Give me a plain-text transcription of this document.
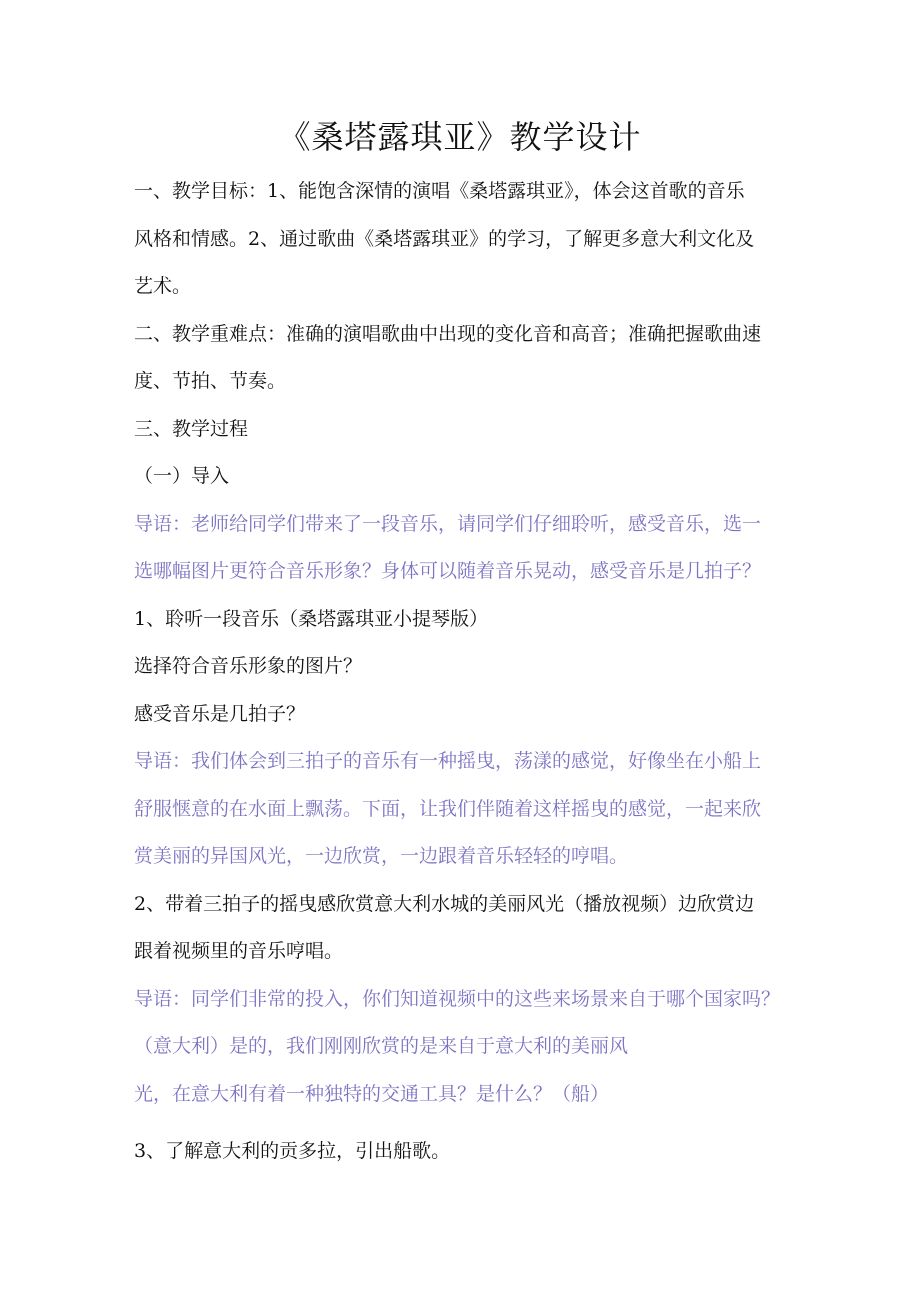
《桑塔露琪亚》教学设计

一、教学目标：1、能饱含深情的演唱《桑塔露琪亚》，体会这首歌的音乐

风格和情感。2、通过歌曲《桑塔露琪亚》的学习，了解更多意大利文化及

艺术。

二、教学重难点：准确的演唱歌曲中出现的变化音和高音；准确把握歌曲速

度、节拍、节奏。

三、教学过程

（一）导入

导语：老师给同学们带来了一段音乐，请同学们仔细聆听，感受音乐，选一

选哪幅图片更符合音乐形象？身体可以随着音乐晃动，感受音乐是几拍子？

1、聆听一段音乐（桑塔露琪亚小提琴版）

选择符合音乐形象的图片？

感受音乐是几拍子？

导语：我们体会到三拍子的音乐有一种摇曳，荡漾的感觉，好像坐在小船上

舒服惬意的在水面上飘荡。下面，让我们伴随着这样摇曳的感觉，一起来欣

赏美丽的异国风光，一边欣赏，一边跟着音乐轻轻的哼唱。

2、带着三拍子的摇曳感欣赏意大利水城的美丽风光（播放视频）边欣赏边

跟着视频里的音乐哼唱。

导语：同学们非常的投入，你们知道视频中的这些来场景来自于哪个国家吗？

（意大利）是的，我们刚刚欣赏的是来自于意大利的美丽风

光，在意大利有着一种独特的交通工具？是什么？（船）

3、了解意大利的贡多拉，引出船歌。
